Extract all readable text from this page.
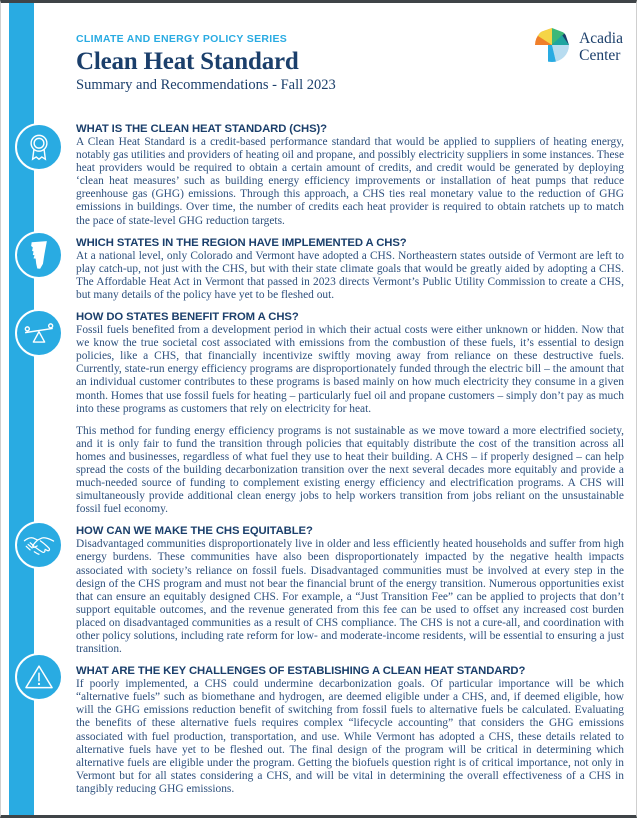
CLIMATE AND ENERGY POLICY SERIES

Clean Heat Standard

Summary and Recommendations - Fall 2023

Acadia
Center
WHAT IS THE CLEAN HEAT STANDARD (CHS)?

A Clean Heat Standard is a credit-based performance standard that would be applied to suppliers of heating energy, notably gas utilities and providers of heating oil and propane, and possibly electricity suppliers in some instances. These heat providers would be required to obtain a certain amount of credits, and credit would be generated by deploying ‘clean heat measures’ such as building energy efficiency improvements or installation of heat pumps that reduce greenhouse gas (GHG) emissions. Through this approach, a CHS ties real monetary value to the reduction of GHG emissions in buildings. Over time, the number of credits each heat provider is required to obtain ratchets up to match the pace of state-level GHG reduction targets.

WHICH STATES IN THE REGION HAVE IMPLEMENTED A CHS?

At a national level, only Colorado and Vermont have adopted a CHS. Northeastern states outside of Vermont are left to play catch-up, not just with the CHS, but with their state climate goals that would be greatly aided by adopting a CHS. The Affordable Heat Act in Vermont that passed in 2023 directs Vermont’s Public Utility Commission to create a CHS, but many details of the policy have yet to be fleshed out.

HOW DO STATES BENEFIT FROM A CHS?

Fossil fuels benefited from a development period in which their actual costs were either unknown or hidden. Now that we know the true societal cost associated with emissions from the combustion of these fuels, it’s essential to design policies, like a CHS, that financially incentivize swiftly moving away from reliance on these destructive fuels. Currently, state-run energy efficiency programs are disproportionately funded through the electric bill – the amount that an individual customer contributes to these programs is based mainly on how much electricity they consume in a given month. Homes that use fossil fuels for heating – particularly fuel oil and propane customers – simply don’t pay as much into these programs as customers that rely on electricity for heat.

This method for funding energy efficiency programs is not sustainable as we move toward a more electrified society, and it is only fair to fund the transition through policies that equitably distribute the cost of the transition across all homes and businesses, regardless of what fuel they use to heat their building. A CHS – if properly designed – can help spread the costs of the building decarbonization transition over the next several decades more equitably and provide a much-needed source of funding to complement existing energy efficiency and electrification programs. A CHS will simultaneously provide additional clean energy jobs to help workers transition from jobs reliant on the unsustainable fossil fuel economy.

HOW CAN WE MAKE THE CHS EQUITABLE?

Disadvantaged communities disproportionately live in older and less efficiently heated households and suffer from high energy burdens. These communities have also been disproportionately impacted by the negative health impacts associated with society’s reliance on fossil fuels. Disadvantaged communities must be involved at every step in the design of the CHS program and must not bear the financial brunt of the energy transition. Numerous opportunities exist that can ensure an equitably designed CHS. For example, a “Just Transition Fee” can be applied to projects that don’t support equitable outcomes, and the revenue generated from this fee can be used to offset any increased cost burden placed on disadvantaged communities as a result of CHS compliance. The CHS is not a cure-all, and coordination with other policy solutions, including rate reform for low- and moderate-income residents, will be essential to ensuring a just transition.

WHAT ARE THE KEY CHALLENGES OF ESTABLISHING A CLEAN HEAT STANDARD?

If poorly implemented, a CHS could undermine decarbonization goals. Of particular importance will be which “alternative fuels” such as biomethane and hydrogen, are deemed eligible under a CHS, and, if deemed eligible, how will the GHG emissions reduction benefit of switching from fossil fuels to alternative fuels be calculated. Evaluating the benefits of these alternative fuels requires complex “lifecycle accounting” that considers the GHG emissions associated with fuel production, transportation, and use. While Vermont has adopted a CHS, these details related to alternative fuels have yet to be fleshed out. The final design of the program will be critical in determining which alternative fuels are eligible under the program. Getting the biofuels question right is of critical importance, not only in Vermont but for all states considering a CHS, and will be vital in determining the overall effectiveness of a CHS in tangibly reducing GHG emissions.
